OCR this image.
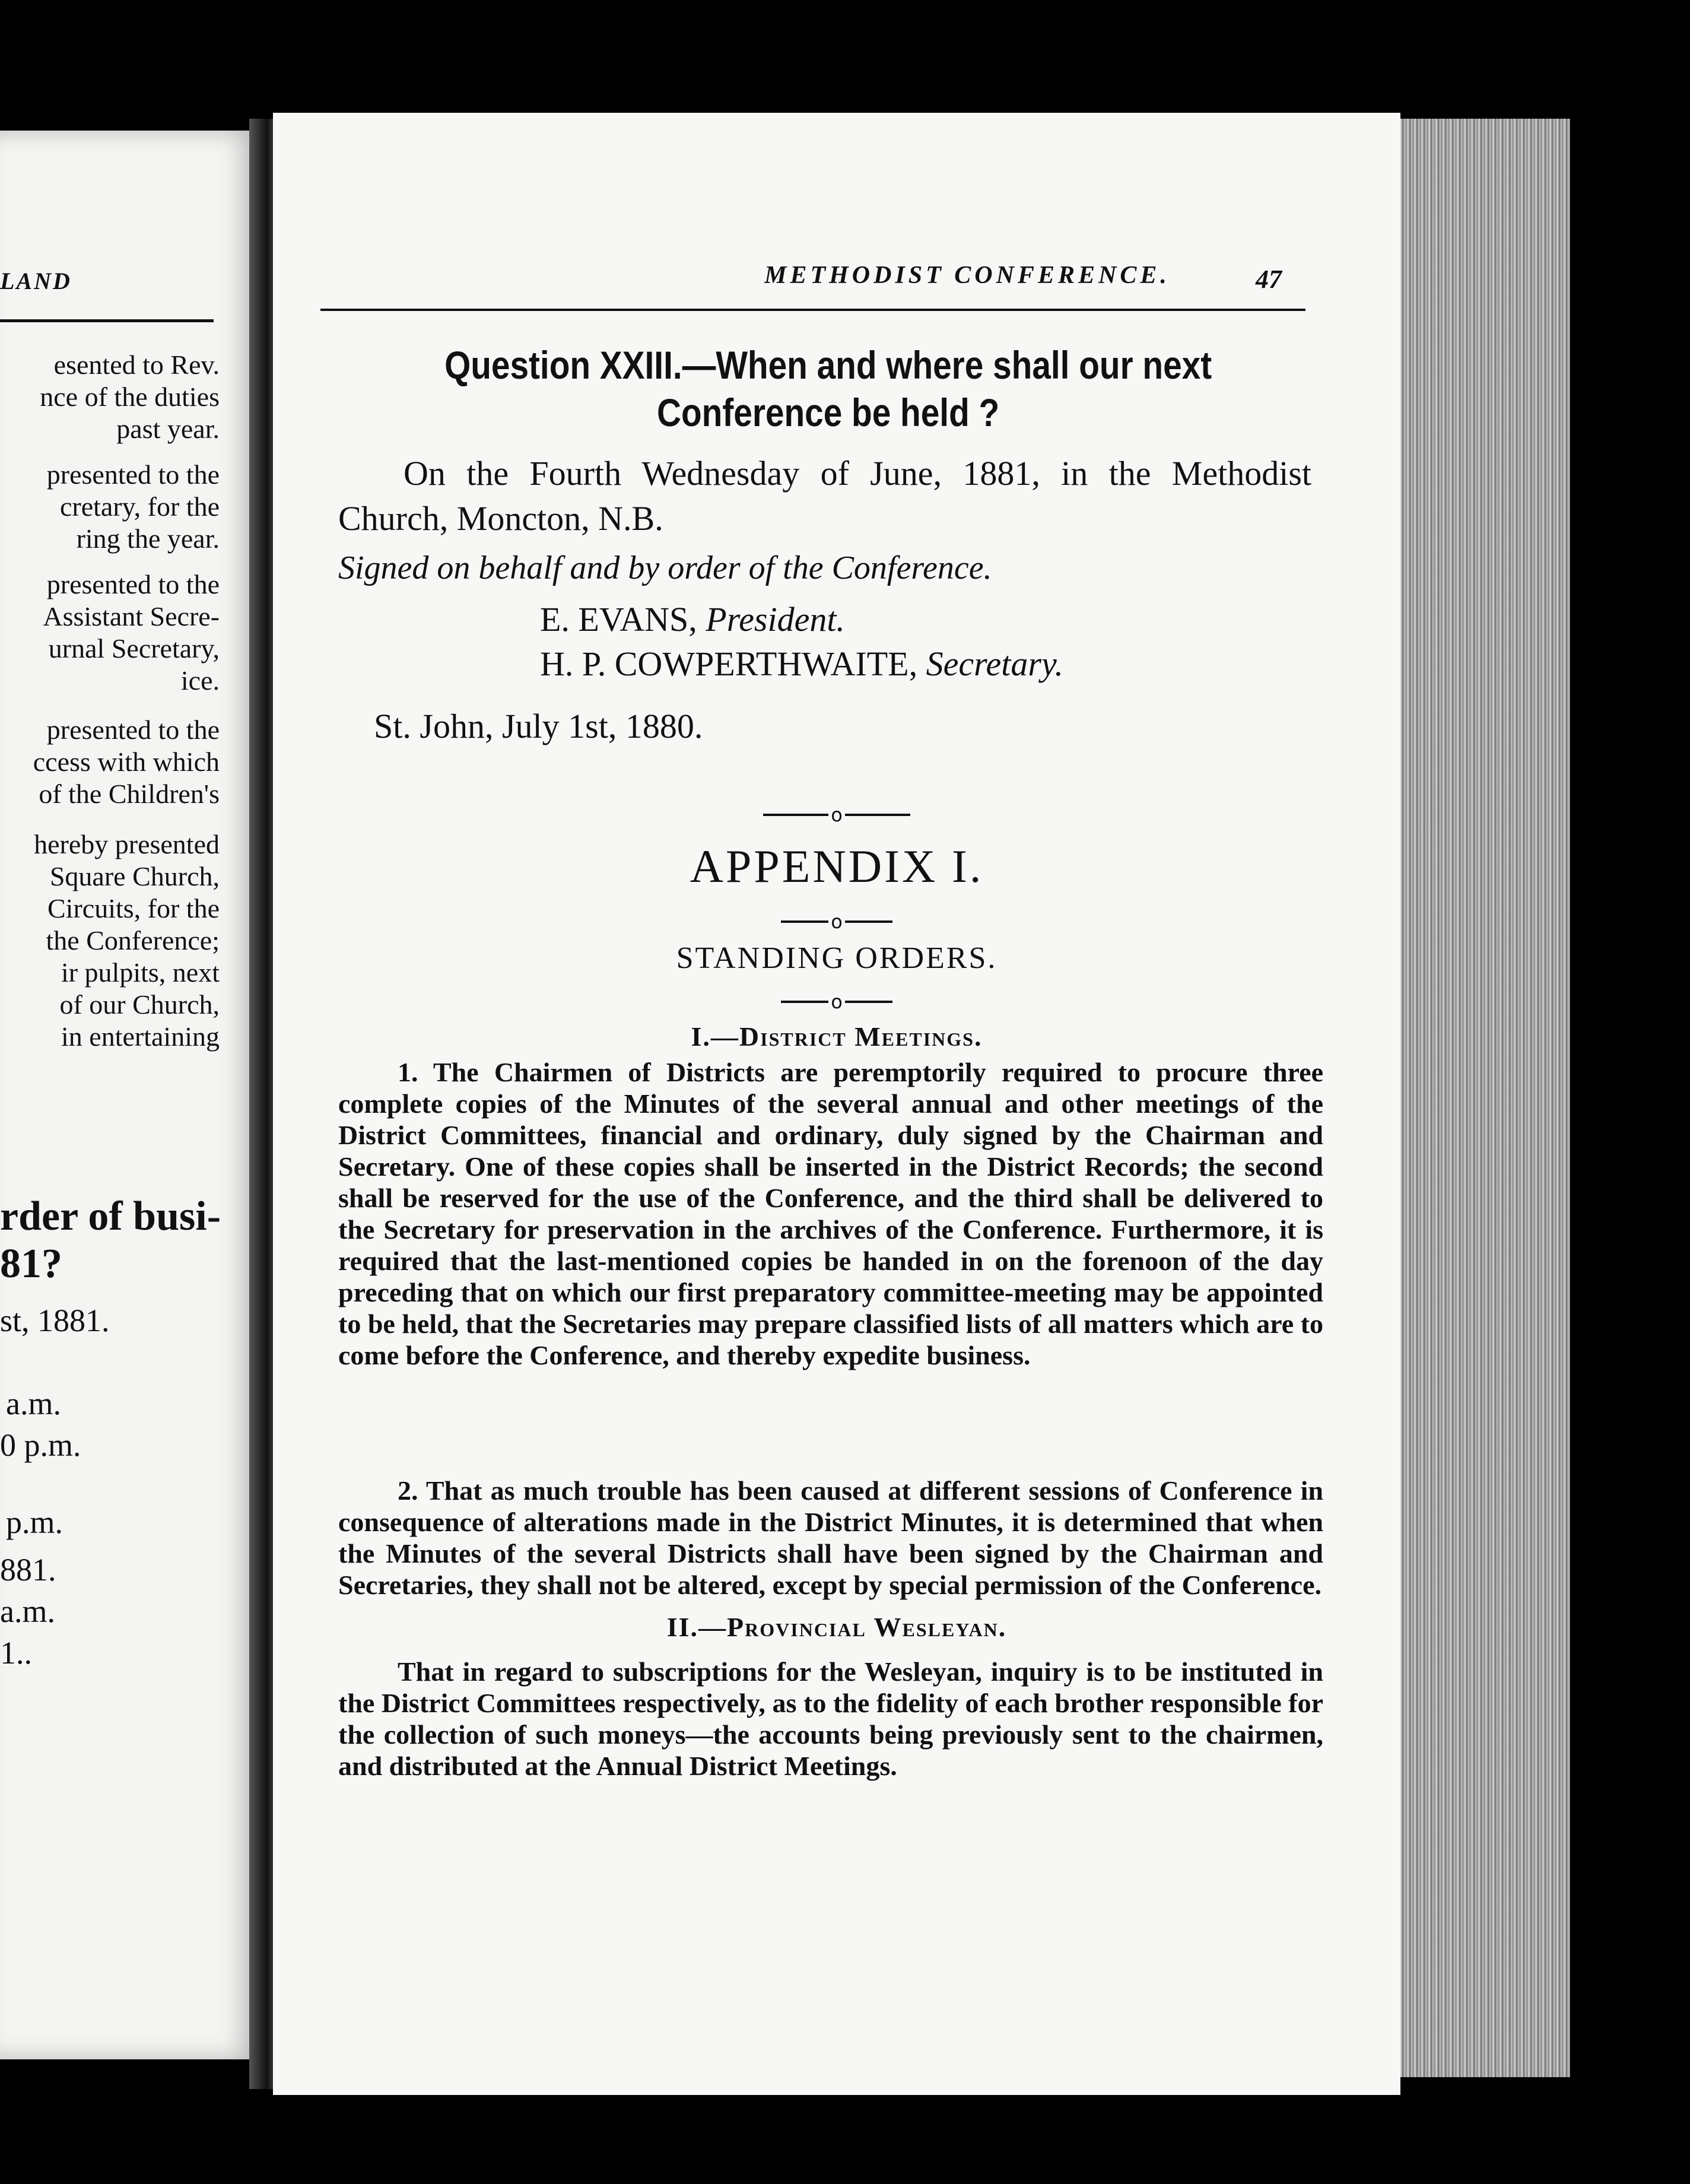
LAND
esented to Rev.
nce of the duties
past year.
presented to the
cretary, for the
ring the year.
presented to the
Assistant Secre-
urnal Secretary,
ice.
presented to the
ccess with which
of the Children's
hereby presented
Square Church,
Circuits, for the
the Conference;
ir pulpits, next
of our Church,
in entertaining
rder of busi-
81?
st, 1881.
a.m.
0 p.m.
p.m.
881.
a.m.
1..
METHODIST CONFERENCE.	47
Question XXIII.—When and where shall our next
Conference be held ?
On the Fourth Wednesday of June, 1881, in the Methodist Church, Moncton, N.B.
Signed on behalf and by order of the Conference.
E. EVANS, President.
H. P. COWPERTHWAITE, Secretary.
St. John, July 1st, 1880.
o
APPENDIX I.
o
STANDING ORDERS.
o
I.—District Meetings.

1. The Chairmen of Districts are peremptorily required to procure three complete copies of the Minutes of the several annual and other meetings of the District Committees, financial and ordinary, duly signed by the Chairman and Secretary. One of these copies shall be inserted in the District Records; the second shall be reserved for the use of the Conference, and the third shall be delivered to the Secretary for preservation in the archives of the Conference. Furthermore, it is required that the last-mentioned copies be handed in on the forenoon of the day preceding that on which our first preparatory committee-meeting may be appointed to be held, that the Secretaries may prepare classified lists of all matters which are to come before the Conference, and thereby expedite business.

2. That as much trouble has been caused at different sessions of Conference in consequence of alterations made in the District Minutes, it is determined that when the Minutes of the several Districts shall have been signed by the Chairman and Secretaries, they shall not be altered, except by special permission of the Conference.

II.—Provincial Wesleyan.

That in regard to subscriptions for the Wesleyan, inquiry is to be instituted in the District Committees respectively, as to the fidelity of each brother responsible for the collection of such moneys—the accounts being previously sent to the chairmen, and distributed at the Annual District Meetings.
